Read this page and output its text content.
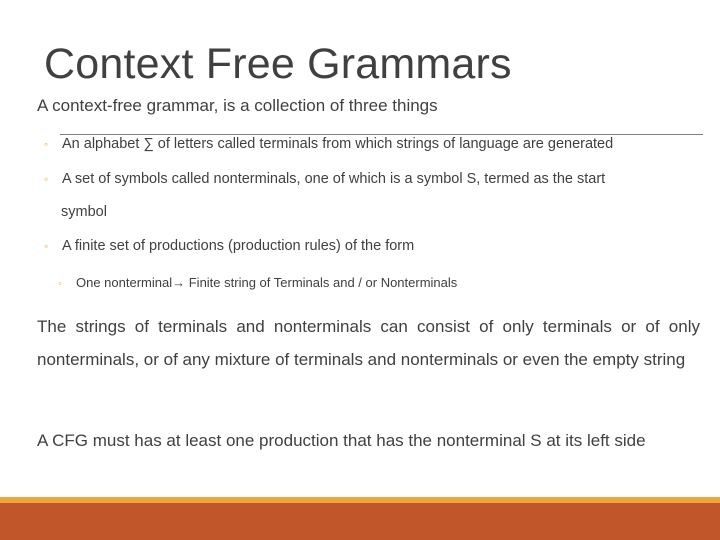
Context Free Grammars
A context-free grammar, is a collection of three things
◦ An alphabet ∑ of letters called terminals from which strings of language are generated
◦ A set of symbols called nonterminals, one of which is a symbol S, termed as the start
symbol
◦ A finite set of productions (production rules) of the form
◦ One nonterminal→ Finite string of Terminals and / or Nonterminals
The strings of terminals and nonterminals can consist of only terminals or of only nonterminals, or of any mixture of terminals and nonterminals or even the empty string
A CFG must has at least one production that has the nonterminal S at its left side
